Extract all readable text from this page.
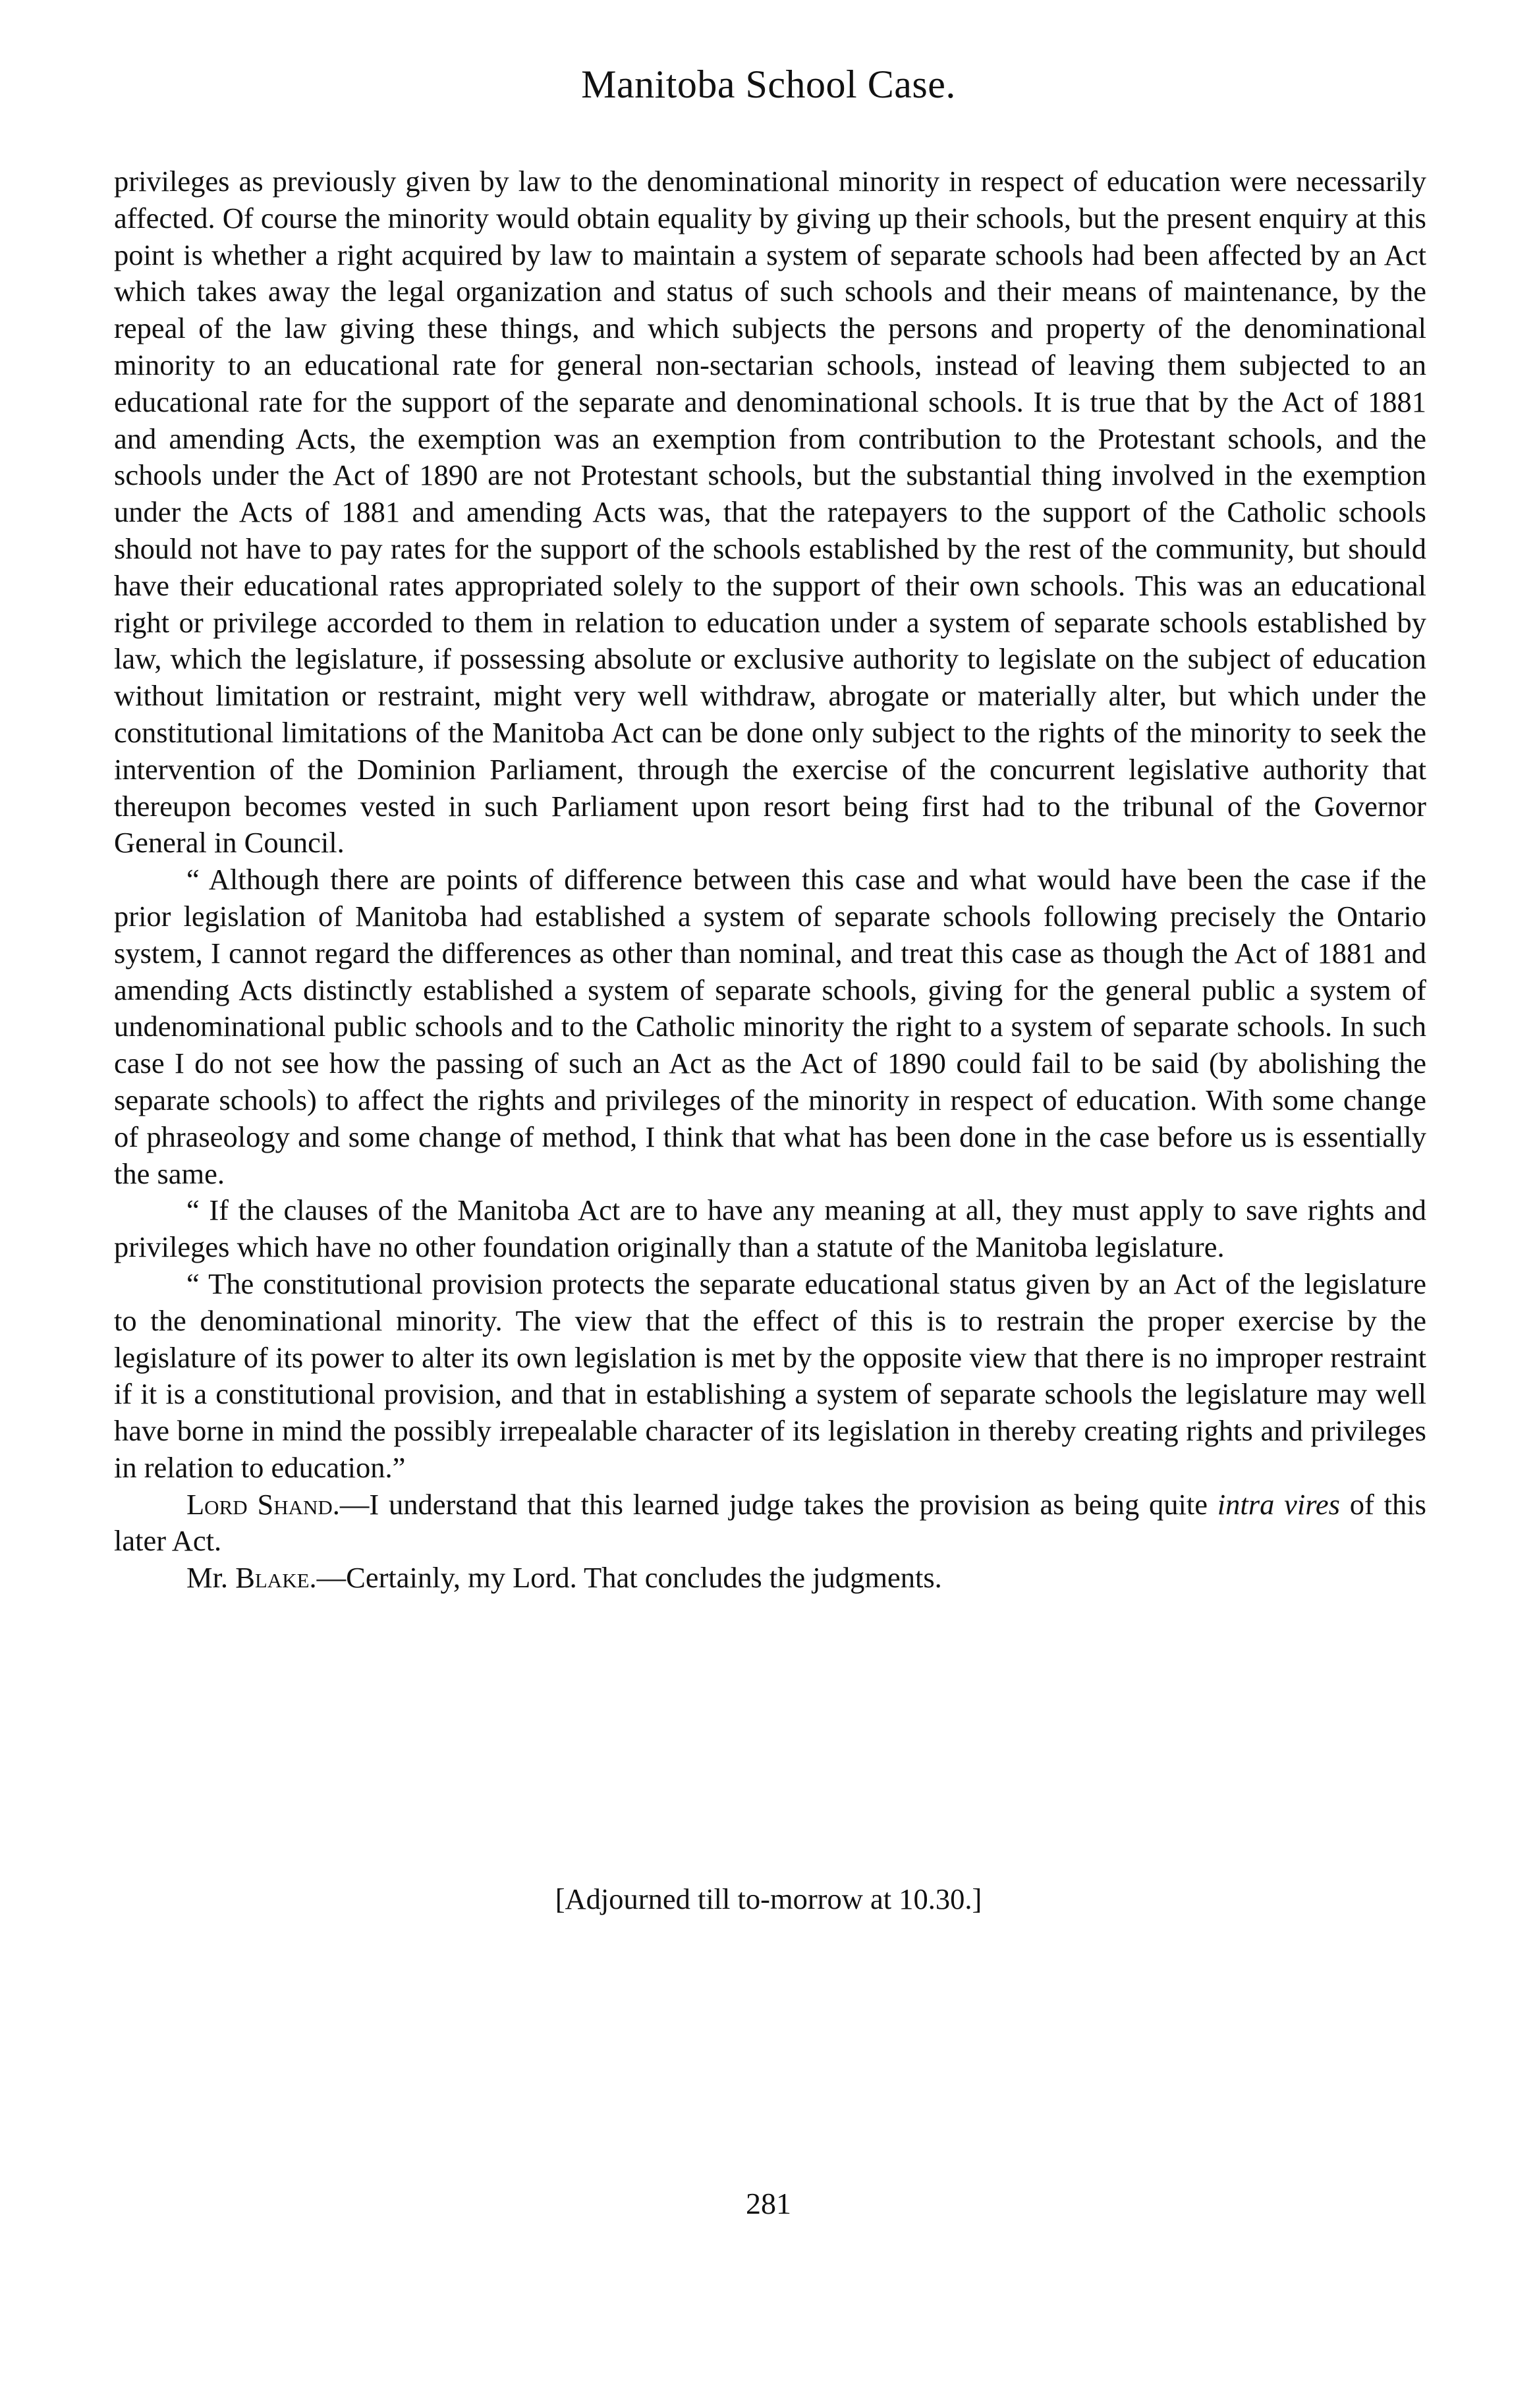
Manitoba School Case.

privileges as previously given by law to the denominational minority in respect of education were necessarily affected. Of course the minority would obtain equality by giving up their schools, but the present enquiry at this point is whether a right acquired by law to maintain a system of separate schools had been affected by an Act which takes away the legal organization and status of such schools and their means of maintenance, by the repeal of the law giving these things, and which subjects the persons and property of the denominational minority to an educational rate for general non-sectarian schools, instead of leaving them subjected to an educational rate for the support of the separate and denominational schools. It is true that by the Act of 1881 and amending Acts, the exemption was an exemption from contribution to the Protestant schools, and the schools under the Act of 1890 are not Protestant schools, but the substantial thing involved in the exemption under the Acts of 1881 and amending Acts was, that the ratepayers to the support of the Catholic schools should not have to pay rates for the support of the schools established by the rest of the community, but should have their educational rates appropriated solely to the support of their own schools. This was an educational right or privilege accorded to them in relation to education under a system of separate schools established by law, which the legislature, if possessing absolute or exclusive authority to legislate on the subject of education without limitation or restraint, might very well withdraw, abrogate or materially alter, but which under the constitutional limitations of the Manitoba Act can be done only subject to the rights of the minority to seek the intervention of the Dominion Parliament, through the exercise of the concurrent legislative authority that thereupon becomes vested in such Parliament upon resort being first had to the tribunal of the Governor General in Council.

“ Although there are points of difference between this case and what would have been the case if the prior legislation of Manitoba had established a system of separate schools following precisely the Ontario system, I cannot regard the differences as other than nominal, and treat this case as though the Act of 1881 and amending Acts distinctly established a system of separate schools, giving for the general public a system of undenominational public schools and to the Catholic minority the right to a system of separate schools. In such case I do not see how the passing of such an Act as the Act of 1890 could fail to be said (by abolishing the separate schools) to affect the rights and privileges of the minority in respect of education. With some change of phraseology and some change of method, I think that what has been done in the case before us is essentially the same.

“ If the clauses of the Manitoba Act are to have any meaning at all, they must apply to save rights and privileges which have no other foundation originally than a statute of the Manitoba legislature.

“ The constitutional provision protects the separate educational status given by an Act of the legislature to the denominational minority. The view that the effect of this is to restrain the proper exercise by the legislature of its power to alter its own legislation is met by the opposite view that there is no improper restraint if it is a constitutional provision, and that in establishing a system of separate schools the legislature may well have borne in mind the possibly irrepealable character of its legislation in thereby creating rights and privileges in relation to education.”

Lord Shand.—I understand that this learned judge takes the provision as being quite intra vires of this later Act.

Mr. Blake.—Certainly, my Lord. That concludes the judgments.

[Adjourned till to-morrow at 10.30.]
281
